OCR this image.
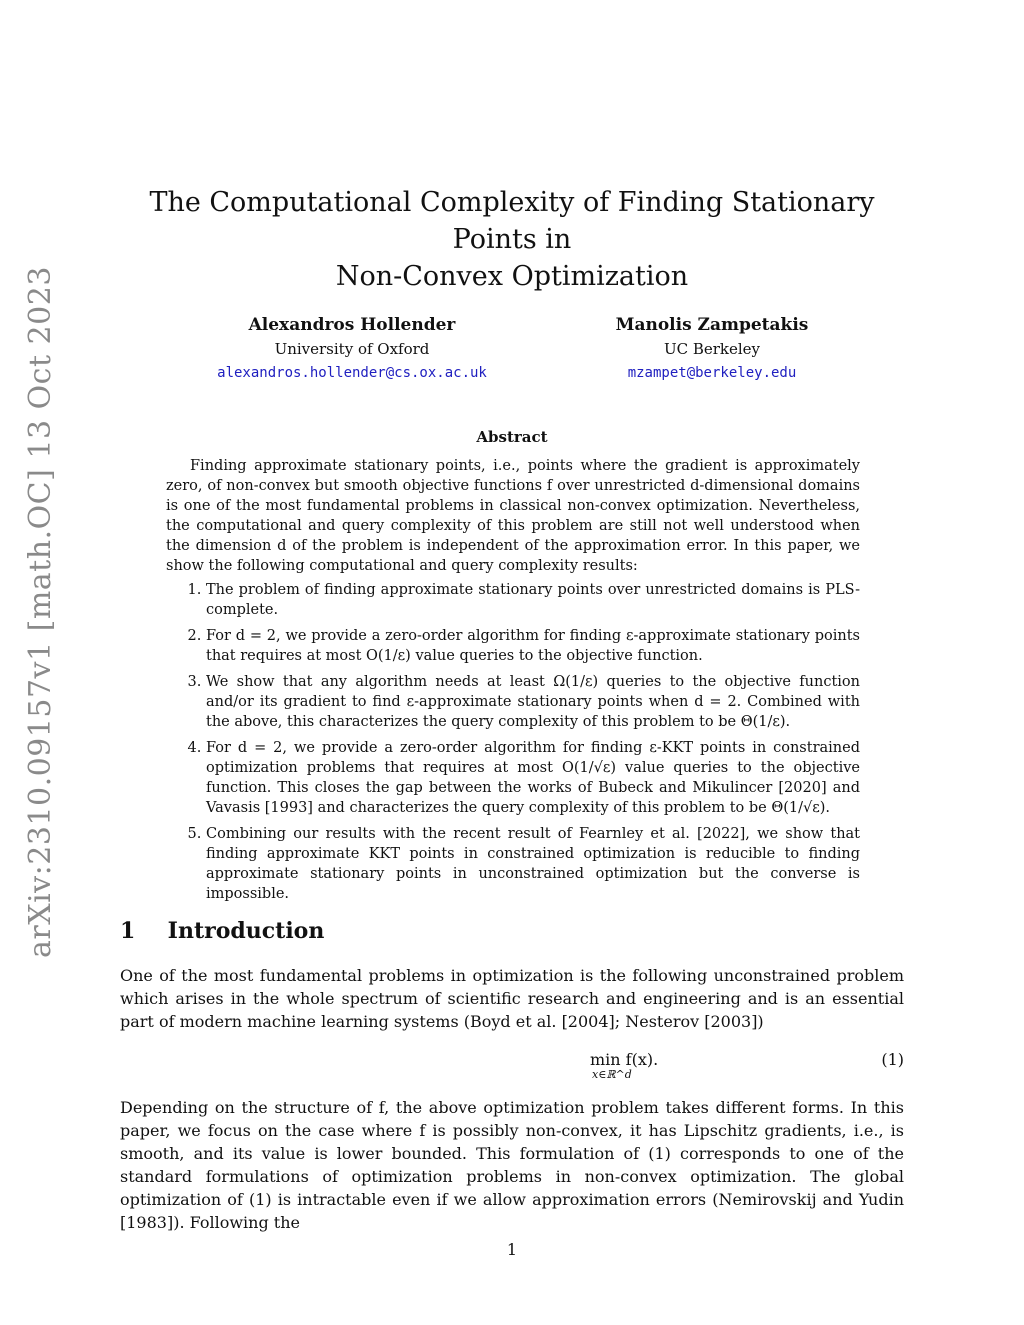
arXiv:2310.09157v1 [math.OC] 13 Oct 2023
The Computational Complexity of Finding Stationary Points in
Non-Convex Optimization
Alexandros Hollender
University of Oxford
alexandros.hollender@cs.ox.ac.uk
Manolis Zampetakis
UC Berkeley
mzampet@berkeley.edu
Abstract

Finding approximate stationary points, i.e., points where the gradient is approximately zero, of non-convex but smooth objective functions f over unrestricted d-dimensional domains is one of the most fundamental problems in classical non-convex optimization. Nevertheless, the computational and query complexity of this problem are still not well understood when the dimension d of the problem is independent of the approximation error. In this paper, we show the following computational and query complexity results:

1. The problem of finding approximate stationary points over unrestricted domains is PLS-complete.
2. For d = 2, we provide a zero-order algorithm for finding ε-approximate stationary points that requires at most O(1/ε) value queries to the objective function.
3. We show that any algorithm needs at least Ω(1/ε) queries to the objective function and/or its gradient to find ε-approximate stationary points when d = 2. Combined with the above, this characterizes the query complexity of this problem to be Θ(1/ε).
4. For d = 2, we provide a zero-order algorithm for finding ε-KKT points in constrained optimization problems that requires at most O(1/√ε) value queries to the objective function. This closes the gap between the works of Bubeck and Mikulincer [2020] and Vavasis [1993] and characterizes the query complexity of this problem to be Θ(1/√ε).
5. Combining our results with the recent result of Fearnley et al. [2022], we show that finding approximate KKT points in constrained optimization is reducible to finding approximate stationary points in unconstrained optimization but the converse is impossible.
1 Introduction

One of the most fundamental problems in optimization is the following unconstrained problem which arises in the whole spectrum of scientific research and engineering and is an essential part of modern machine learning systems (Boyd et al. [2004]; Nesterov [2003])

min f(x).
x∈ℝ^d
(1)

Depending on the structure of f, the above optimization problem takes different forms. In this paper, we focus on the case where f is possibly non-convex, it has Lipschitz gradients, i.e., is smooth, and its value is lower bounded. This formulation of (1) corresponds to one of the standard formulations of optimization problems in non-convex optimization. The global optimization of (1) is intractable even if we allow approximation errors (Nemirovskij and Yudin [1983]). Following the

1
